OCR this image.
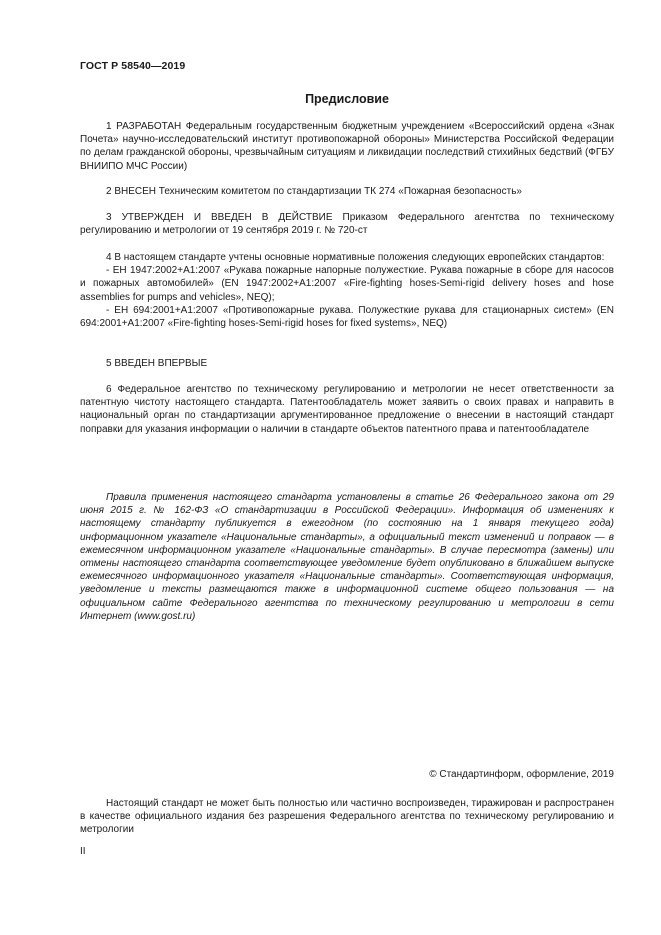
ГОСТ Р 58540—2019
Предисловие

1 РАЗРАБОТАН Федеральным государственным бюджетным учреждением «Всероссийский ордена «Знак Почета» научно-исследовательский институт противопожарной обороны» Министерства Российской Федерации по делам гражданской обороны, чрезвычайным ситуациям и ликвидации последствий стихийных бедствий (ФГБУ ВНИИПО МЧС России)

2 ВНЕСЕН Техническим комитетом по стандартизации ТК 274 «Пожарная безопасность»

3 УТВЕРЖДЕН И ВВЕДЕН В ДЕЙСТВИЕ Приказом Федерального агентства по техническому регулированию и метрологии от 19 сентября 2019 г. № 720-ст

4 В настоящем стандарте учтены основные нормативные положения следующих европейских стандартов:
- ЕН 1947:2002+А1:2007 «Рукава пожарные напорные полужесткие. Рукава пожарные в сборе для насосов и пожарных автомобилей» (EN 1947:2002+A1:2007 «Fire-fighting hoses-Semi-rigid delivery hoses and hose assemblies for pumps and vehicles», NEQ);
- ЕН 694:2001+А1:2007 «Противопожарные рукава. Полужесткие рукава для стационарных систем» (EN 694:2001+A1:2007 «Fire-fighting hoses-Semi-rigid hoses for fixed systems», NEQ)

5 ВВЕДЕН ВПЕРВЫЕ

6 Федеральное агентство по техническому регулированию и метрологии не несет ответственности за патентную чистоту настоящего стандарта. Патентообладатель может заявить о своих правах и направить в национальный орган по стандартизации аргументированное предложение о внесении в настоящий стандарт поправки для указания информации о наличии в стандарте объектов патентного права и патентообладателе

Правила применения настоящего стандарта установлены в статье 26 Федерального закона от 29 июня 2015 г. № 162-ФЗ «О стандартизации в Российской Федерации». Информация об изменениях к настоящему стандарту публикуется в ежегодном (по состоянию на 1 января текущего года) информационном указателе «Национальные стандарты», а официальный текст изменений и поправок — в ежемесячном информационном указателе «Национальные стандарты». В случае пересмотра (замены) или отмены настоящего стандарта соответствующее уведомление будет опубликовано в ближайшем выпуске ежемесячного информационного указателя «Национальные стандарты». Соответствующая информация, уведомление и тексты размещаются также в информационной системе общего пользования — на официальном сайте Федерального агентства по техническому регулированию и метрологии в сети Интернет (www.gost.ru)

© Стандартинформ, оформление, 2019

Настоящий стандарт не может быть полностью или частично воспроизведен, тиражирован и распространен в качестве официального издания без разрешения Федерального агентства по техническому регулированию и метрологии

II
